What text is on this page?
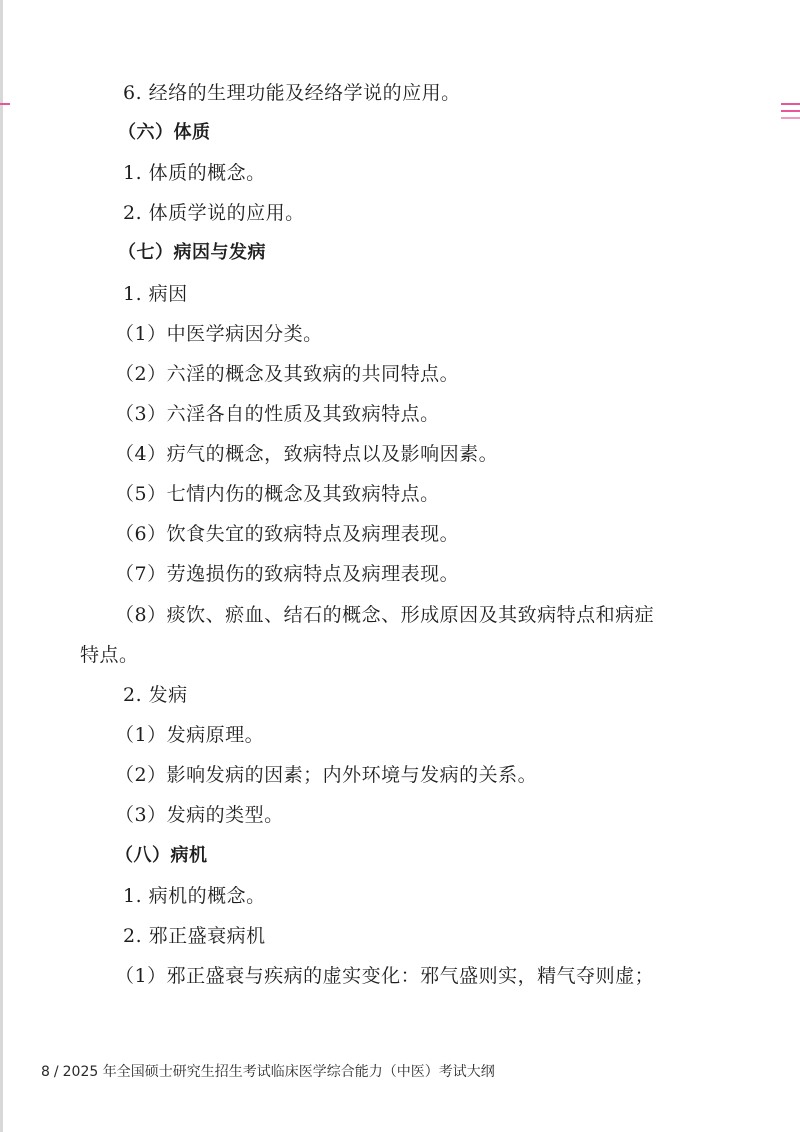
6. 经络的生理功能及经络学说的应用。
（六）体质
1. 体质的概念。
2. 体质学说的应用。
（七）病因与发病
1. 病因
（1）中医学病因分类。
（2）六淫的概念及其致病的共同特点。
（3）六淫各自的性质及其致病特点。
（4）疠气的概念，致病特点以及影响因素。
（5）七情内伤的概念及其致病特点。
（6）饮食失宜的致病特点及病理表现。
（7）劳逸损伤的致病特点及病理表现。
（8）痰饮、瘀血、结石的概念、形成原因及其致病特点和病症
特点。
2. 发病
（1）发病原理。
（2）影响发病的因素；内外环境与发病的关系。
（3）发病的类型。
（八）病机
1. 病机的概念。
2. 邪正盛衰病机
（1）邪正盛衰与疾病的虚实变化：邪气盛则实，精气夺则虚；
8 / 2025 年全国硕士研究生招生考试临床医学综合能力（中医）考试大纲
